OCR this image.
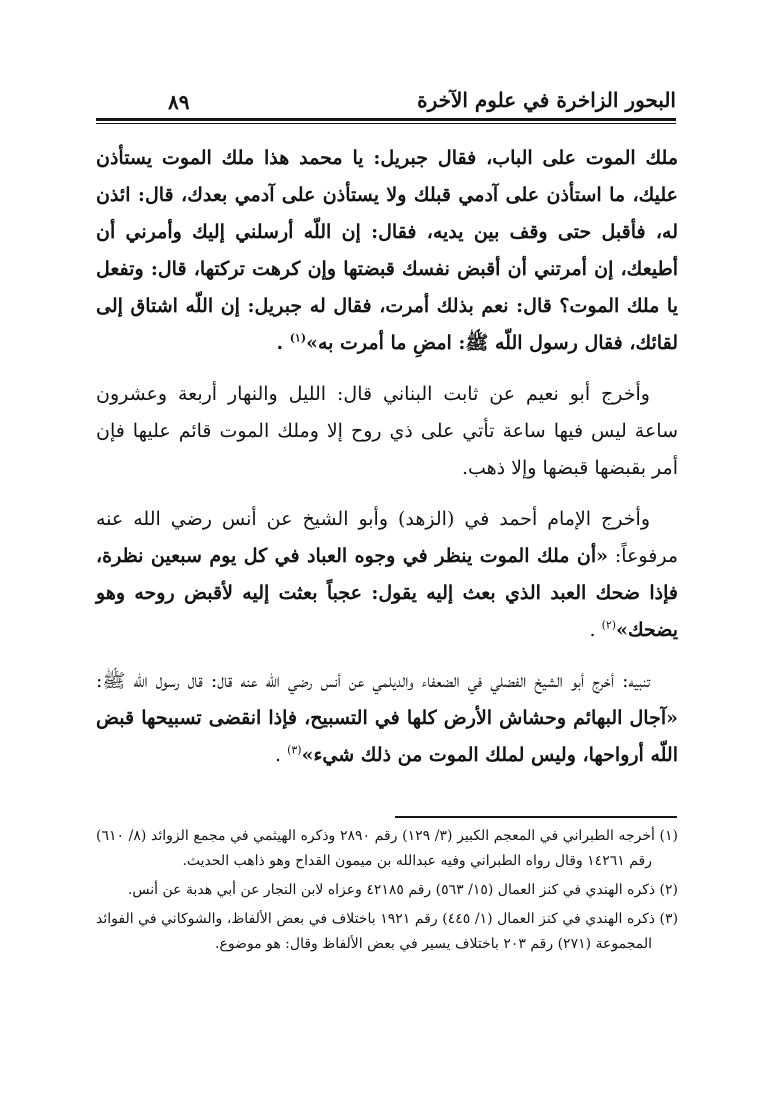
البحور الزاخرة في علوم الآخرة
٨٩

ملك الموت على الباب، فقال جبريل: يا محمد هذا ملك الموت يستأذن عليك، ما استأذن على آدمي قبلك ولا يستأذن على آدمي بعدك، قال: ائذن له، فأقبل حتى وقف بين يديه، فقال: إن اللّه أرسلني إليك وأمرني أن أطيعك، إن أمرتني أن أقبض نفسك قبضتها وإن كرهت تركتها، قال: وتفعل يا ملك الموت؟ قال: نعم بذلك أمرت، فقال له جبريل: إن اللّه اشتاق إلى لقائك، فقال رسول اللّه ﷺ: امضِ ما أمرت به»$^{(١)}$ .

وأخرج أبو نعيم عن ثابت البناني قال: الليل والنهار أربعة وعشرون ساعة ليس فيها ساعة تأتي على ذي روح إلا وملك الموت قائم عليها فإن أمر بقبضها قبضها وإلا ذهب.

وأخرج الإمام أحمد في (الزهد) وأبو الشيخ عن أنس رضي الله عنه مرفوعاً: «أن ملك الموت ينظر في وجوه العباد في كل يوم سبعين نظرة، فإذا ضحك العبد الذي بعث إليه يقول: عجباً بعثت إليه لأقبض روحه وهو يضحك»$^{(٢)}$ .

تنبيه: أخرج أبو الشيخ الفضلي في الضعفاء والديلمي عن أنس رضي الله عنه قال: قال رسول اللّه ﷺ: «آجال البهائم وحشاش الأرض كلها في التسبيح، فإذا انقضى تسبيحها قبض اللّه أرواحها، وليس لملك الموت من ذلك شيء»$^{(٣)}$ .

(١) أخرجه الطبراني في المعجم الكبير (٣/ ١٢٩) رقم ٢٨٩٠ وذكره الهيثمي في مجمع الزوائد (٨/ ٦١٠) رقم ١٤٢٦١ وقال رواه الطبراني وفيه عبدالله بن ميمون القداح وهو ذاهب الحديث.

(٢) ذكره الهندي في كنز العمال (١٥/ ٥٦٣) رقم ٤٢١٨٥ وعزاه لابن النجار عن أبي هدبة عن أنس.

(٣) ذكره الهندي في كنز العمال (١/ ٤٤٥) رقم ١٩٢١ باختلاف في بعض الألفاظ، والشوكاني في الفوائد المجموعة (٢٧١) رقم ٢٠٣ باختلاف يسير في بعض الألفاظ وقال: هو موضوع.
